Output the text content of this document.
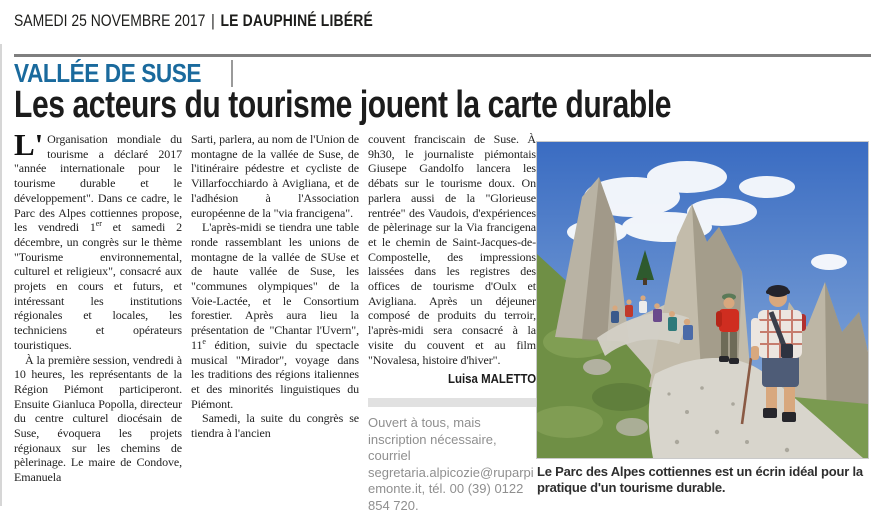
SAMEDI 25 NOVEMBRE 2017 | LE DAUPHINÉ LIBÉRÉ
VALLÉE DE SUSE
Les acteurs du tourisme jouent la carte durable

L' Organisation mondiale du tourisme a déclaré 2017 "année internationale pour le tourisme durable et le développement". Dans ce cadre, le Parc des Alpes cottiennes propose, les vendredi 1er et samedi 2 décembre, un congrès sur le thème "Tourisme environnemental, culturel et religieux", consacré aux projets en cours et futurs, et intéressant les institutions régionales et locales, les techniciens et opérateurs touristiques.

À la première session, vendredi à 10 heures, les représentants de la Région Piémont participeront. Ensuite Gianluca Popolla, directeur du centre culturel diocésain de Suse, évoquera les projets régionaux sur les chemins de pèlerinage. Le maire de Condove, Emanuela

Sarti, parlera, au nom de l'Union de montagne de la vallée de Suse, de l'itinéraire pédestre et cycliste de Villarfocchiardo à Avigliana, et de l'adhésion à l'Association européenne de la "via francigena".

L'après-midi se tiendra une table ronde rassemblant les unions de montagne de la vallée de SUse et de haute vallée de Suse, les "communes olympiques" de la Voie-Lactée, et le Consortium forestier. Après aura lieu la présentation de "Chantar l'Uvern", 11e édition, suivie du spectacle musical "Mirador", voyage dans les traditions des régions italiennes et des minorités linguistiques du Piémont.

Samedi, la suite du congrès se tiendra à l'ancien

couvent franciscain de Suse. À 9h30, le journaliste piémontais Giusepe Gandolfo lancera les débats sur le tourisme doux. On parlera aussi de la "Glorieuse rentrée" des Vaudois, d'expériences de pèlerinage sur la Via francigena et le chemin de Saint-Jacques-de-Compostelle, des impressions laissées dans les registres des offices de tourisme d'Oulx et Avigliana. Après un déjeuner composé de produits du terroir, l'après-midi sera consacré à la visite du couvent et au film "Novalesa, histoire d'hiver".

Luisa MALETTO

Ouvert à tous, mais inscription nécessaire, courriel segretaria.alpicozie@ruparpiemonte.it, tél. 00 (39) 0122 854 720.

Le Parc des Alpes cottiennes est un écrin idéal pour la pratique d'un tourisme durable.
